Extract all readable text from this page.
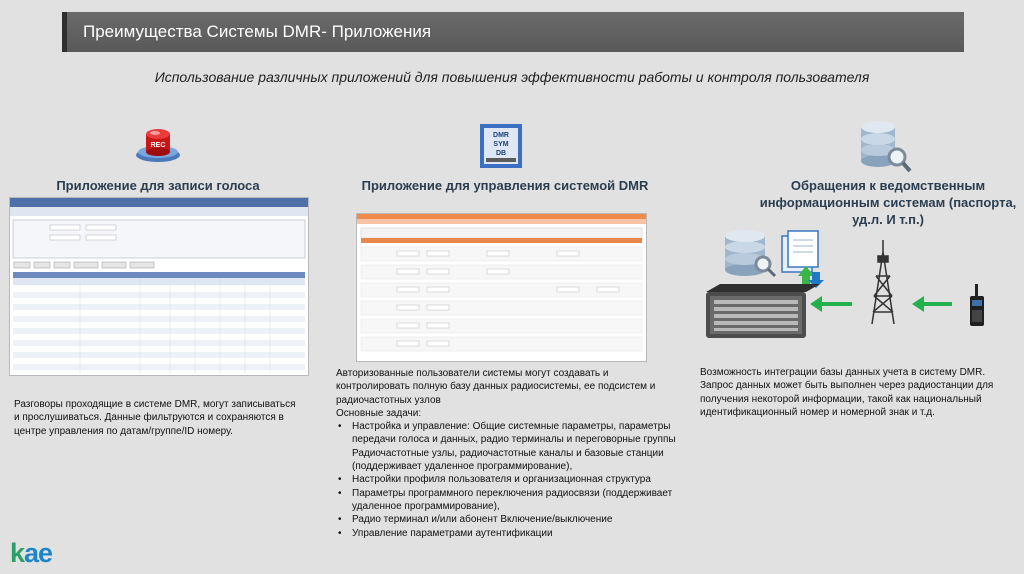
Преимущества Системы DMR- Приложения
Использование различных приложений для повышения эффективности работы и контроля пользователя
REC
Приложение для записи голоса
Разговоры проходящие в системе DMR, могут записываться и прослушиваться. Данные фильтруются и сохраняются в центре управления по датам/группе/ID номеру.
DMR
SYM
DB
Приложение для управления системой DMR
Авторизованные пользователи системы могут создавать и контролировать полную базу данных радиосистемы, ее подсистем и радиочастотных узлов
Основные задачи:
• Настройка и управление: Общие системные параметры, параметры передачи голоса и данных, радио терминалы и переговорные группы Радиочастотные узлы, радиочастотные каналы и базовые станции (поддерживает удаленное программирование),
• Настройки профиля пользователя и организационная структура
• Параметры программного переключения радиосвязи (поддерживает удаленное программирование),
• Радио терминал и/или абонент Включение/выключение
• Управление параметрами аутентификации
Обращения к ведомственным информационным системам (паспорта, уд.л. И т.п.)
Возможность интеграции базы данных учета в систему DMR. Запрос данных может быть выполнен через радиостанции для получения некоторой информации, такой как национальный идентификационный номер и номерной знак и т.д.
kae
